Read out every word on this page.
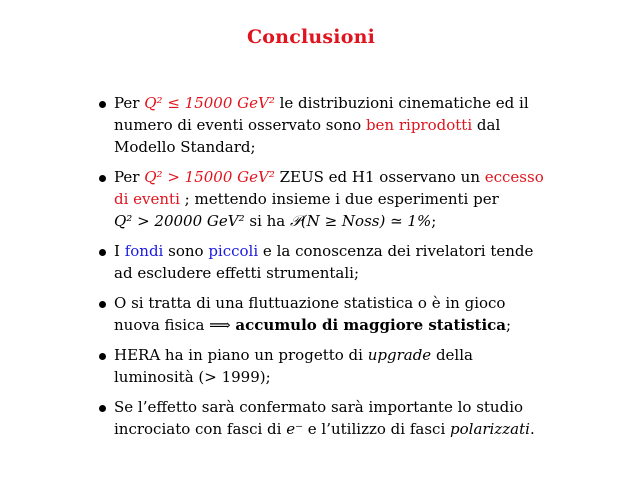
Conclusioni
Per Q² ≤ 15000 GeV² le distribuzioni cinematiche ed il numero di eventi osservato sono ben riprodotti dal Modello Standard;
Per Q² > 15000 GeV² ZEUS ed H1 osservano un eccesso di eventi ; mettendo insieme i due esperimenti per Q² > 20000 GeV² si ha 𝒫(N ≥ Noss) ≃ 1%;
I fondi sono piccoli e la conoscenza dei rivelatori tende ad escludere effetti strumentali;
O si tratta di una fluttuazione statistica o è in gioco nuova fisica ⟹ accumulo di maggiore statistica;
HERA ha in piano un progetto di upgrade della luminosità (> 1999);
Se l’effetto sarà confermato sarà importante lo studio incrociato con fasci di e⁻ e l’utilizzo di fasci polarizzati.
